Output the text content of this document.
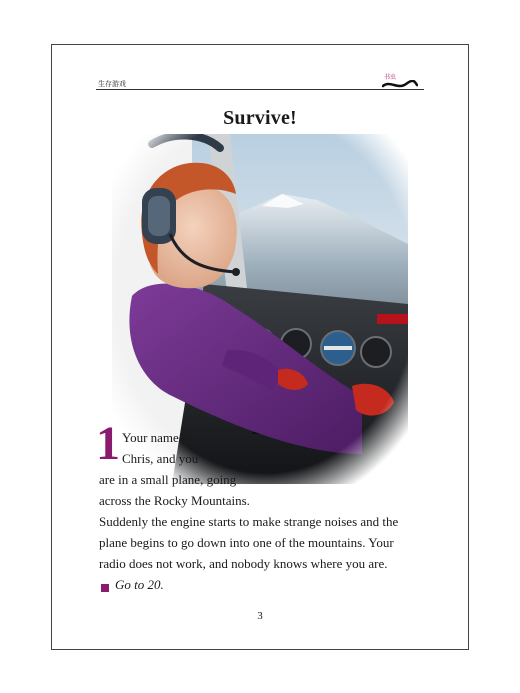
生存游戏
书虫
Survive!
1 Your name is
Chris, and you
are in a small plane, going
across the Rocky Mountains.
Suddenly the engine starts to make strange noises and the
plane begins to go down into one of the mountains. Your
radio does not work, and nobody knows where you are.
Go to 20.
3
